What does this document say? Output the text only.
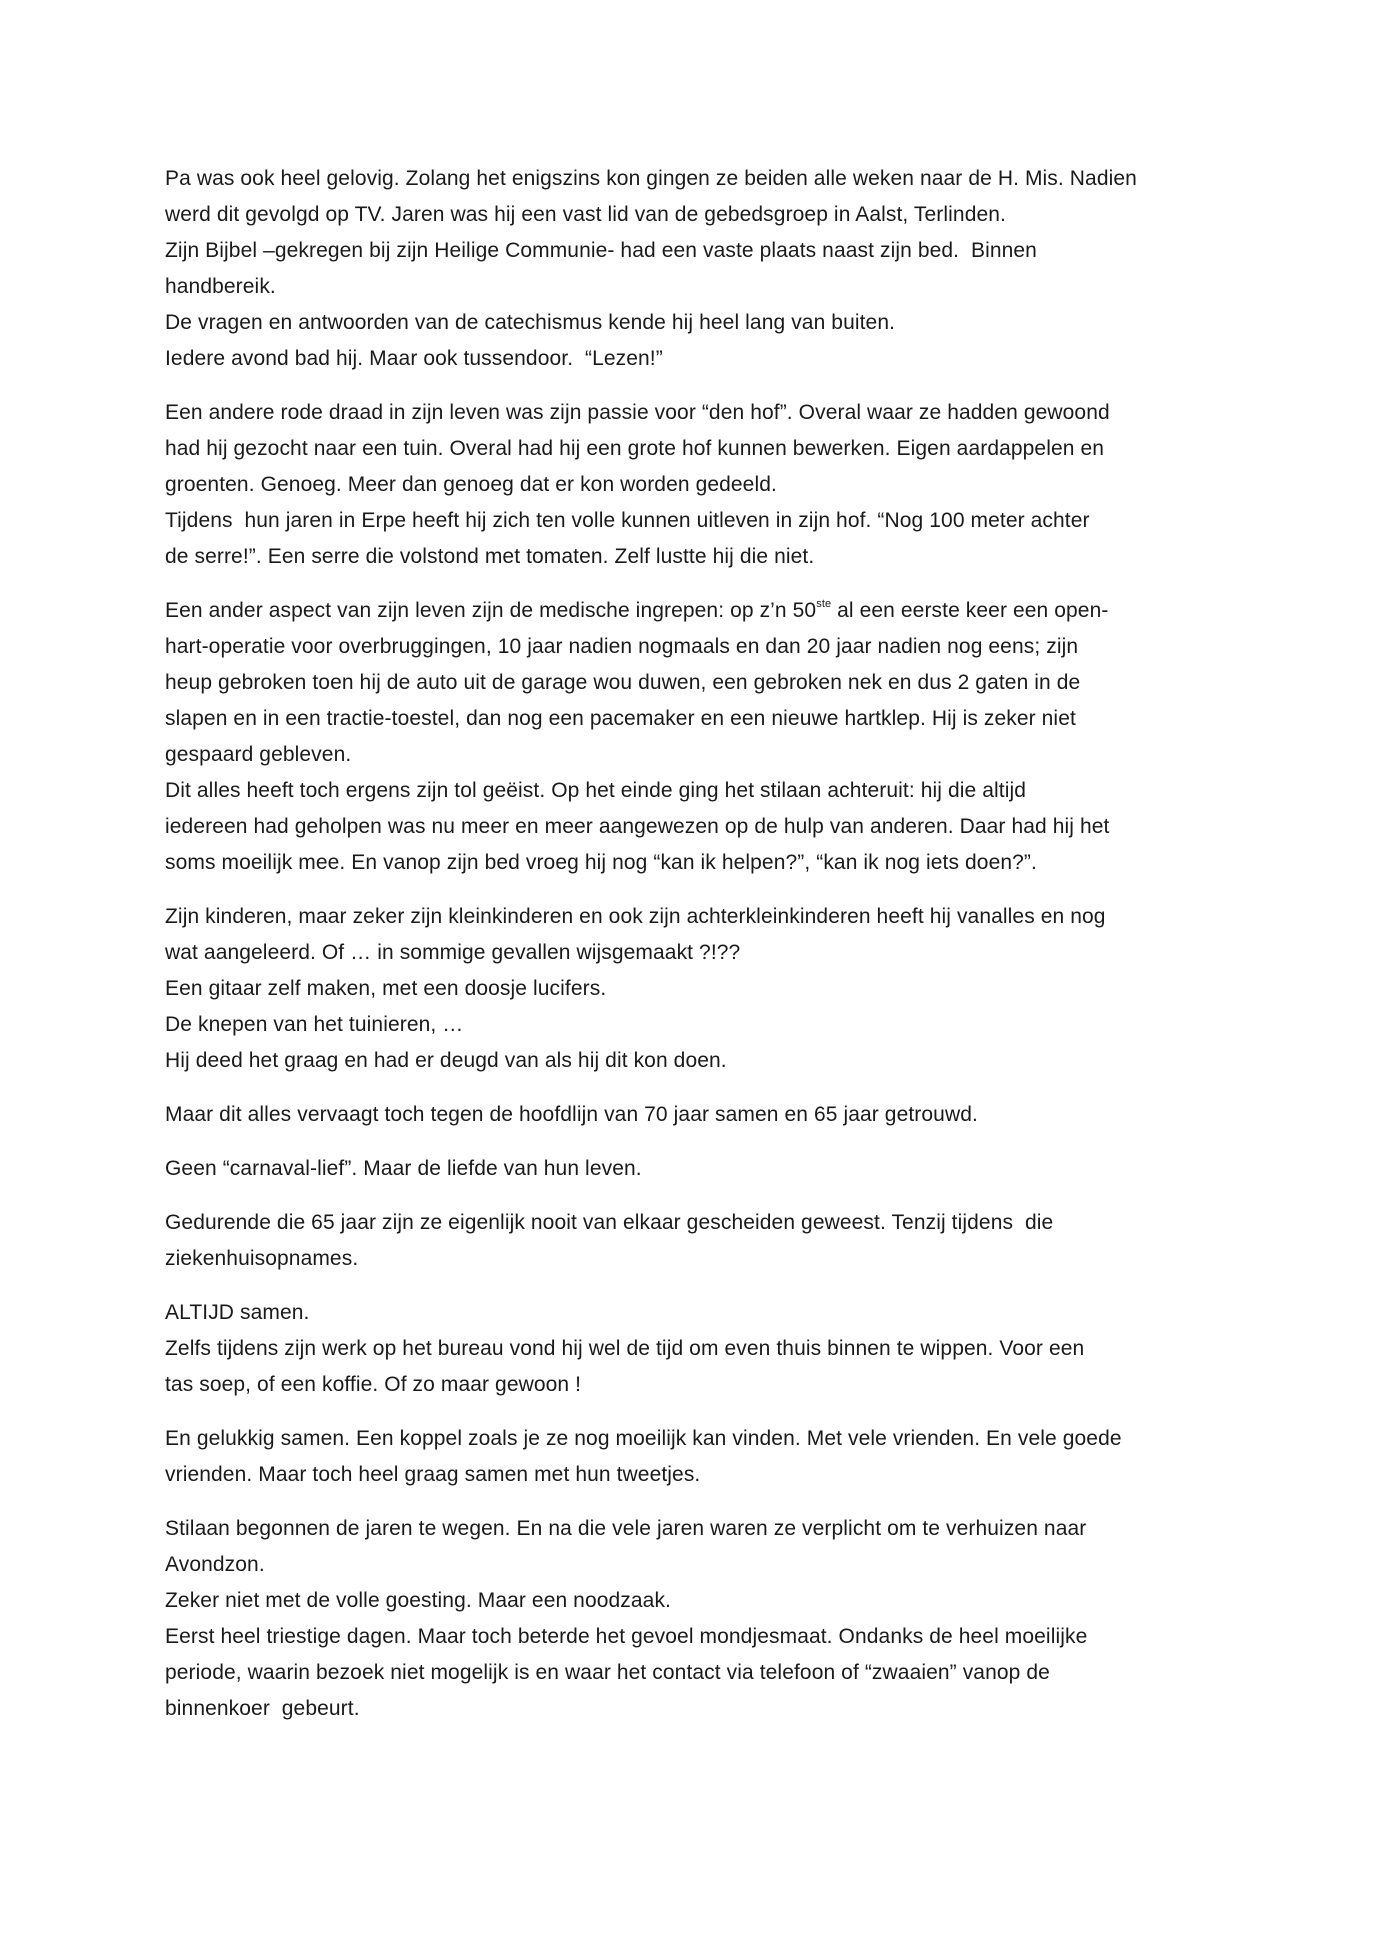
Pa was ook heel gelovig. Zolang het enigszins kon gingen ze beiden alle weken naar de H. Mis. Nadien
werd dit gevolgd op TV. Jaren was hij een vast lid van de gebedsgroep in Aalst, Terlinden.
Zijn Bijbel –gekregen bij zijn Heilige Communie- had een vaste plaats naast zijn bed.  Binnen
handbereik.
De vragen en antwoorden van de catechismus kende hij heel lang van buiten.
Iedere avond bad hij. Maar ook tussendoor.  “Lezen!”

Een andere rode draad in zijn leven was zijn passie voor “den hof”. Overal waar ze hadden gewoond
had hij gezocht naar een tuin. Overal had hij een grote hof kunnen bewerken. Eigen aardappelen en
groenten. Genoeg. Meer dan genoeg dat er kon worden gedeeld.
Tijdens  hun jaren in Erpe heeft hij zich ten volle kunnen uitleven in zijn hof. “Nog 100 meter achter
de serre!”. Een serre die volstond met tomaten. Zelf lustte hij die niet.

Een ander aspect van zijn leven zijn de medische ingrepen: op z’n 50ste al een eerste keer een open-
hart-operatie voor overbruggingen, 10 jaar nadien nogmaals en dan 20 jaar nadien nog eens; zijn
heup gebroken toen hij de auto uit de garage wou duwen, een gebroken nek en dus 2 gaten in de
slapen en in een tractie-toestel, dan nog een pacemaker en een nieuwe hartklep. Hij is zeker niet
gespaard gebleven.
Dit alles heeft toch ergens zijn tol geëist. Op het einde ging het stilaan achteruit: hij die altijd
iedereen had geholpen was nu meer en meer aangewezen op de hulp van anderen. Daar had hij het
soms moeilijk mee. En vanop zijn bed vroeg hij nog “kan ik helpen?”, “kan ik nog iets doen?”.

Zijn kinderen, maar zeker zijn kleinkinderen en ook zijn achterkleinkinderen heeft hij vanalles en nog
wat aangeleerd. Of … in sommige gevallen wijsgemaakt ?!??
Een gitaar zelf maken, met een doosje lucifers.
De knepen van het tuinieren, …
Hij deed het graag en had er deugd van als hij dit kon doen.

Maar dit alles vervaagt toch tegen de hoofdlijn van 70 jaar samen en 65 jaar getrouwd.

Geen “carnaval-lief”. Maar de liefde van hun leven.

Gedurende die 65 jaar zijn ze eigenlijk nooit van elkaar gescheiden geweest. Tenzij tijdens  die
ziekenhuisopnames.

ALTIJD samen.
Zelfs tijdens zijn werk op het bureau vond hij wel de tijd om even thuis binnen te wippen. Voor een
tas soep, of een koffie. Of zo maar gewoon !

En gelukkig samen. Een koppel zoals je ze nog moeilijk kan vinden. Met vele vrienden. En vele goede
vrienden. Maar toch heel graag samen met hun tweetjes.

Stilaan begonnen de jaren te wegen. En na die vele jaren waren ze verplicht om te verhuizen naar
Avondzon.
Zeker niet met de volle goesting. Maar een noodzaak.
Eerst heel triestige dagen. Maar toch beterde het gevoel mondjesmaat. Ondanks de heel moeilijke
periode, waarin bezoek niet mogelijk is en waar het contact via telefoon of “zwaaien” vanop de
binnenkoer  gebeurt.
